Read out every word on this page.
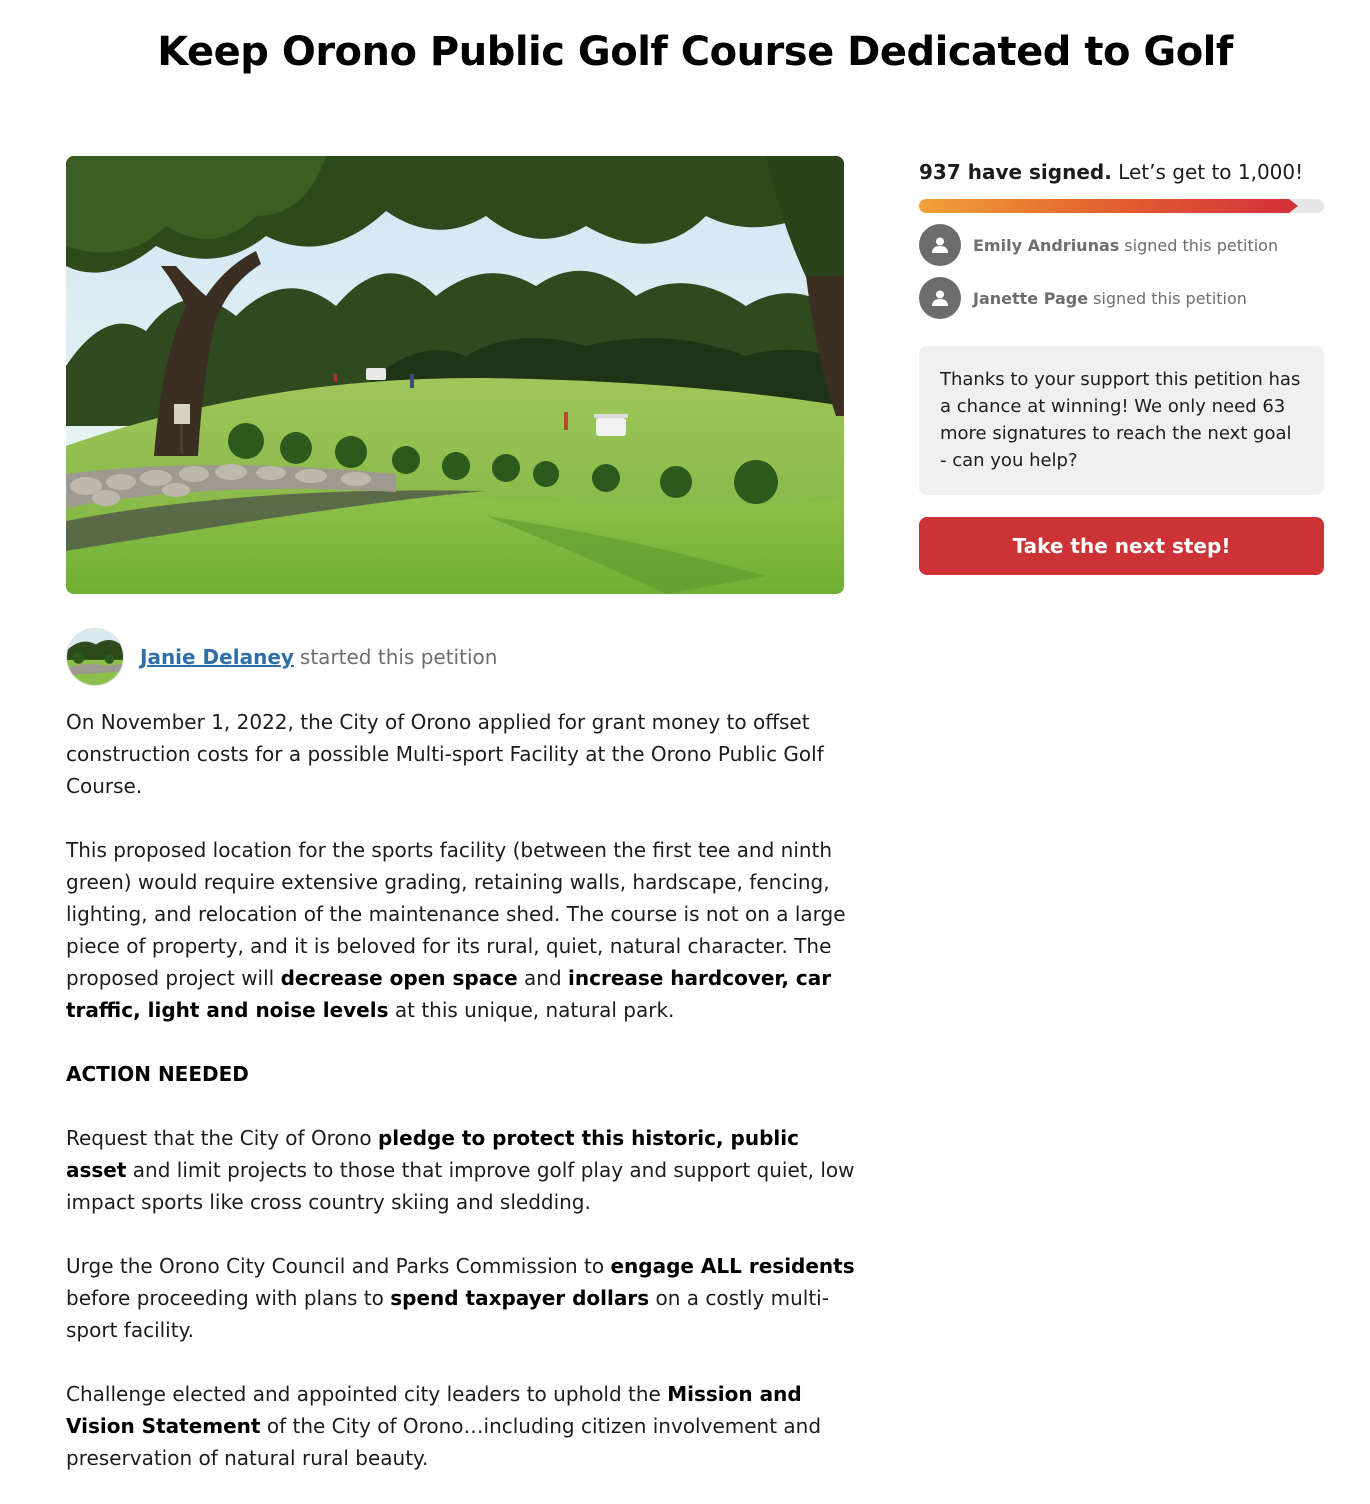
Keep Orono Public Golf Course Dedicated to Golf
Janie Delaney started this petition

On November 1, 2022, the City of Orono applied for grant money to offset construction costs for a possible Multi-sport Facility at the Orono Public Golf Course.

This proposed location for the sports facility (between the first tee and ninth green) would require extensive grading, retaining walls, hardscape, fencing, lighting, and relocation of the maintenance shed. The course is not on a large piece of property, and it is beloved for its rural, quiet, natural character. The proposed project will decrease open space and increase hardcover, car traffic, light and noise levels at this unique, natural park.

ACTION NEEDED

Request that the City of Orono pledge to protect this historic, public asset and limit projects to those that improve golf play and support quiet, low impact sports like cross country skiing and sledding.

Urge the Orono City Council and Parks Commission to engage ALL residents before proceeding with plans to spend taxpayer dollars on a costly multi-sport facility.

Challenge elected and appointed city leaders to uphold the Mission and Vision Statement of the City of Orono…including citizen involvement and preservation of natural rural beauty.

937 have signed. Let’s get to 1,000!
Emily Andriunas signed this petition
Janette Page signed this petition
Thanks to your support this petition has a chance at winning! We only need 63 more signatures to reach the next goal - can you help?
Take the next step!
